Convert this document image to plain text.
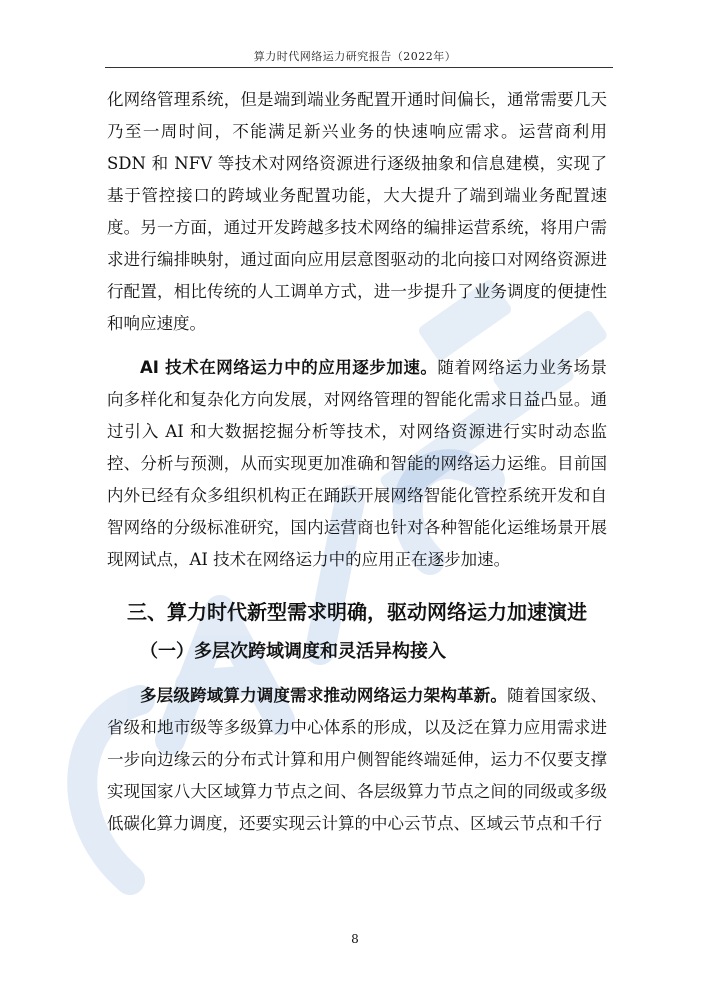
算力时代网络运力研究报告（2022年）

化网络管理系统，但是端到端业务配置开通时间偏长，通常需要几天乃至一周时间，不能满足新兴业务的快速响应需求。运营商利用 SDN 和 NFV 等技术对网络资源进行逐级抽象和信息建模，实现了基于管控接口的跨域业务配置功能，大大提升了端到端业务配置速度。另一方面，通过开发跨越多技术网络的编排运营系统，将用户需求进行编排映射，通过面向应用层意图驱动的北向接口对网络资源进行配置，相比传统的人工调单方式，进一步提升了业务调度的便捷性和响应速度。

AI 技术在网络运力中的应用逐步加速。随着网络运力业务场景向多样化和复杂化方向发展，对网络管理的智能化需求日益凸显。通过引入 AI 和大数据挖掘分析等技术，对网络资源进行实时动态监控、分析与预测，从而实现更加准确和智能的网络运力运维。目前国内外已经有众多组织机构正在踊跃开展网络智能化管控系统开发和自智网络的分级标准研究，国内运营商也针对各种智能化运维场景开展现网试点，AI 技术在网络运力中的应用正在逐步加速。

三、算力时代新型需求明确，驱动网络运力加速演进
（一）多层次跨域调度和灵活异构接入

多层级跨域算力调度需求推动网络运力架构革新。随着国家级、省级和地市级等多级算力中心体系的形成，以及泛在算力应用需求进一步向边缘云的分布式计算和用户侧智能终端延伸，运力不仅要支撑实现国家八大区域算力节点之间、各层级算力节点之间的同级或多级低碳化算力调度，还要实现云计算的中心云节点、区域云节点和千行

8
